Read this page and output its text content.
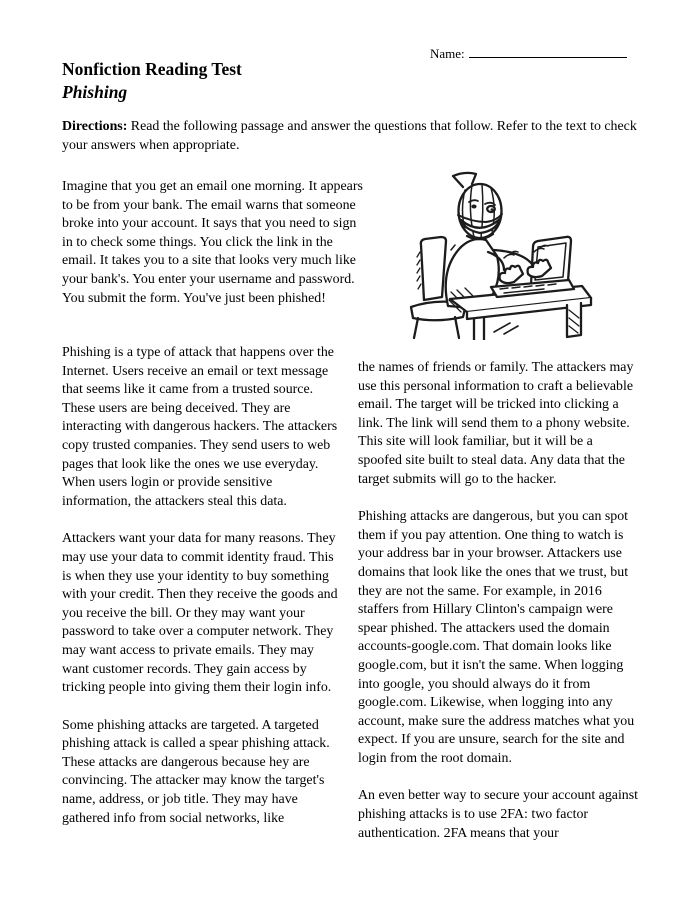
Name:
Nonfiction Reading Test
Phishing
Directions: Read the following passage and answer the questions that follow. Refer to the text to check your answers when appropriate.
Imagine that you get an email one morning. It appears to be from your bank. The email warns that someone broke into your account. It says that you need to sign in to check some things. You click the link in the email. It takes you to a site that looks very much like your bank's. You enter your username and password. You submit the form. You've just been phished!

Phishing is a type of attack that happens over the Internet. Users receive an email or text message that seems like it came from a trusted source. These users are being deceived. They are interacting with dangerous hackers. The attackers copy trusted companies. They send users to web pages that look like the ones we use everyday. When users login or provide sensitive information, the attackers steal this data.

Attackers want your data for many reasons. They may use your data to commit identity fraud. This is when they use your identity to buy something with your credit. Then they receive the goods and you receive the bill. Or they may want your password to take over a computer network. They may want access to private emails. They may want customer records. They gain access by tricking people into giving them their login info.

Some phishing attacks are targeted. A targeted phishing attack is called a spear phishing attack. These attacks are dangerous because hey are convincing. The attacker may know the target's name, address, or job title. They may have gathered info from social networks, like

the names of friends or family. The attackers may use this personal information to craft a believable email. The target will be tricked into clicking a link. The link will send them to a phony website. This site will look familiar, but it will be a spoofed site built to steal data. Any data that the target submits will go to the hacker.

Phishing attacks are dangerous, but you can spot them if you pay attention. One thing to watch is your address bar in your browser. Attackers use domains that look like the ones that we trust, but they are not the same. For example, in 2016 staffers from Hillary Clinton's campaign were spear phished. The attackers used the domain accounts-google.com. That domain looks like google.com, but it isn't the same. When logging into google, you should always do it from google.com. Likewise, when logging into any account, make sure the address matches what you expect. If you are unsure, search for the site and login from the root domain.

An even better way to secure your account against phishing attacks is to use 2FA: two factor authentication. 2FA means that your
